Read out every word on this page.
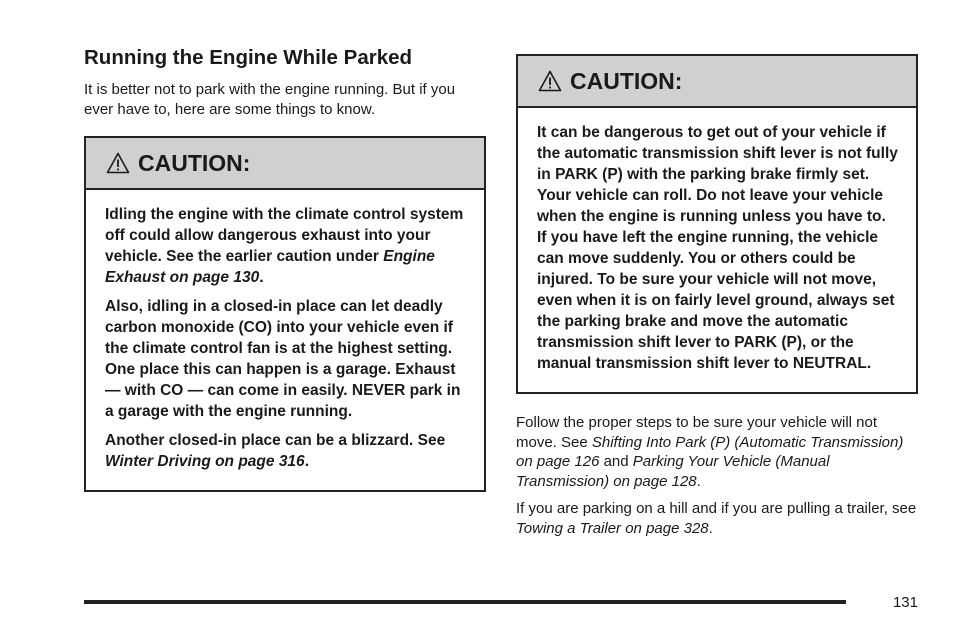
Running the Engine While Parked

It is better not to park with the engine running. But if you ever have to, here are some things to know.

CAUTION:

Idling the engine with the climate control system off could allow dangerous exhaust into your vehicle. See the earlier caution under Engine Exhaust on page 130.

Also, idling in a closed-in place can let deadly carbon monoxide (CO) into your vehicle even if the climate control fan is at the highest setting. One place this can happen is a garage. Exhaust — with CO — can come in easily. NEVER park in a garage with the engine running.

Another closed-in place can be a blizzard. See Winter Driving on page 316.

CAUTION:

It can be dangerous to get out of your vehicle if the automatic transmission shift lever is not fully in PARK (P) with the parking brake firmly set. Your vehicle can roll. Do not leave your vehicle when the engine is running unless you have to.

If you have left the engine running, the vehicle can move suddenly. You or others could be injured. To be sure your vehicle will not move, even when it is on fairly level ground, always set the parking brake and move the automatic transmission shift lever to PARK (P), or the manual transmission shift lever to NEUTRAL.

Follow the proper steps to be sure your vehicle will not move. See Shifting Into Park (P) (Automatic Transmission) on page 126 and Parking Your Vehicle (Manual Transmission) on page 128.

If you are parking on a hill and if you are pulling a trailer, see Towing a Trailer on page 328.

131
